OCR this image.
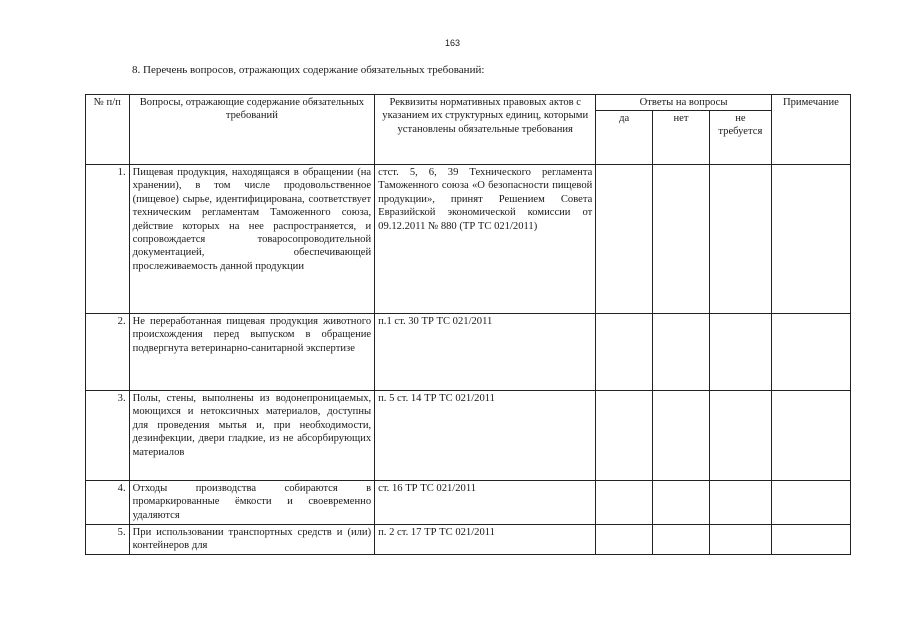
163
8. Перечень вопросов, отражающих содержание обязательных требований:
№ п/п	Вопросы, отражающие содержание обязательных требований	Реквизиты нормативных правовых актов с указанием их структурных единиц, которыми установлены обязательные требования	Ответы на вопросы			Примечание
			да	нет	не требуется	
1.	Пищевая продукция, находящаяся в обращении (на хранении), в том числе продовольственное (пищевое) сырье, идентифицирована, соответствует техническим регламентам Таможенного союза, действие которых на нее распространяется, и сопровождается товаросопроводительной документацией, обеспечивающей прослеживаемость данной продукции	стст. 5, 6, 39 Технического регламента Таможенного союза «О безопасности пищевой продукции», принят Решением Совета Евразийской экономической комиссии от 09.12.2011 № 880 (ТР ТС 021/2011)				
2.	Не переработанная пищевая продукция животного происхождения перед выпуском в обращение подвергнута ветеринарно-санитарной экспертизе	п.1 ст. 30 ТР ТС 021/2011				
3.	Полы, стены, выполнены из водонепроницаемых, моющихся и нетоксичных материалов, доступны для проведения мытья и, при необходимости, дезинфекции, двери гладкие, из не абсорбирующих материалов	п. 5 ст. 14 ТР ТС 021/2011				
4.	Отходы производства собираются в промаркированные ёмкости и своевременно удаляются	ст. 16 ТР ТС 021/2011				
5.	При использовании транспортных средств и (или) контейнеров для	п. 2 ст. 17 ТР ТС 021/2011				
